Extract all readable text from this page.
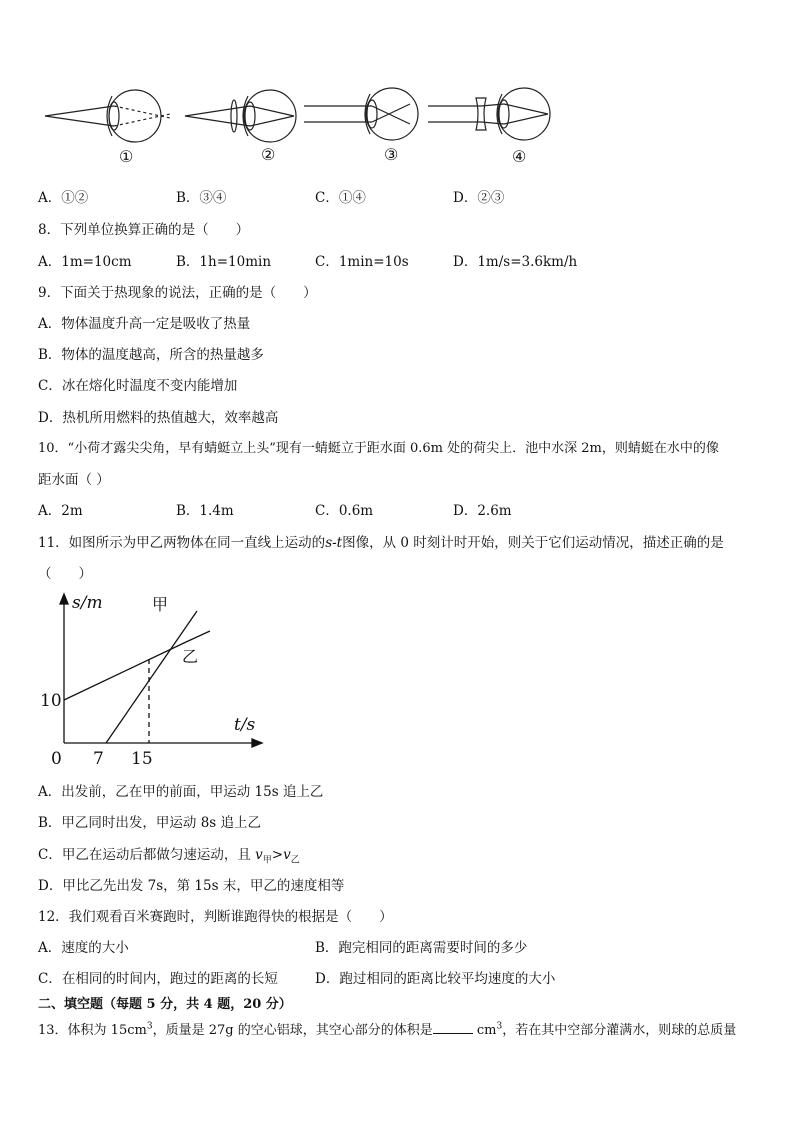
①	②	③	④
A．①②	B．③④	C．①④	D．②③
8．下列单位换算正确的是（　　）
A．1m=10cm	B．1h=10min	C．1min=10s	D．1m/s=3.6km/h
9．下面关于热现象的说法，正确的是（　　）
A．物体温度升高一定是吸收了热量
B．物体的温度越高，所含的热量越多
C．冰在熔化时温度不变内能增加
D．热机所用燃料的热值越大，效率越高
10．“小荷才露尖尖角，早有蜻蜓立上头”现有一蜻蜓立于距水面 0.6m 处的荷尖上．池中水深 2m，则蜻蜓在水中的像
距水面（ ）
A．2m	B．1.4m	C．0.6m	D．2.6m
11．如图所示为甲乙两物体在同一直线上运动的s-t图像，从 0 时刻计时开始，则关于它们运动情况，描述正确的是
（　　）
s/m
t/s
甲
乙
10
0 7 15
A．出发前，乙在甲的前面，甲运动 15s 追上乙
B．甲乙同时出发，甲运动 8s 追上乙
C．甲乙在运动后都做匀速运动，且 $v_甲>v_乙$
D．甲比乙先出发 7s，第 15s 末，甲乙的速度相等
12．我们观看百米赛跑时，判断谁跑得快的根据是（　　）
A．速度的大小	B．跑完相同的距离需要时间的多少
C．在相同的时间内，跑过的距离的长短	D．跑过相同的距离比较平均速度的大小
二、填空题（每题 5 分，共 4 题，20 分）
13．体积为 $15cm^3$，质量是 27g 的空心铝球，其空心部分的体积是	$cm^3$，若在其中空部分灌满水，则球的总质量
